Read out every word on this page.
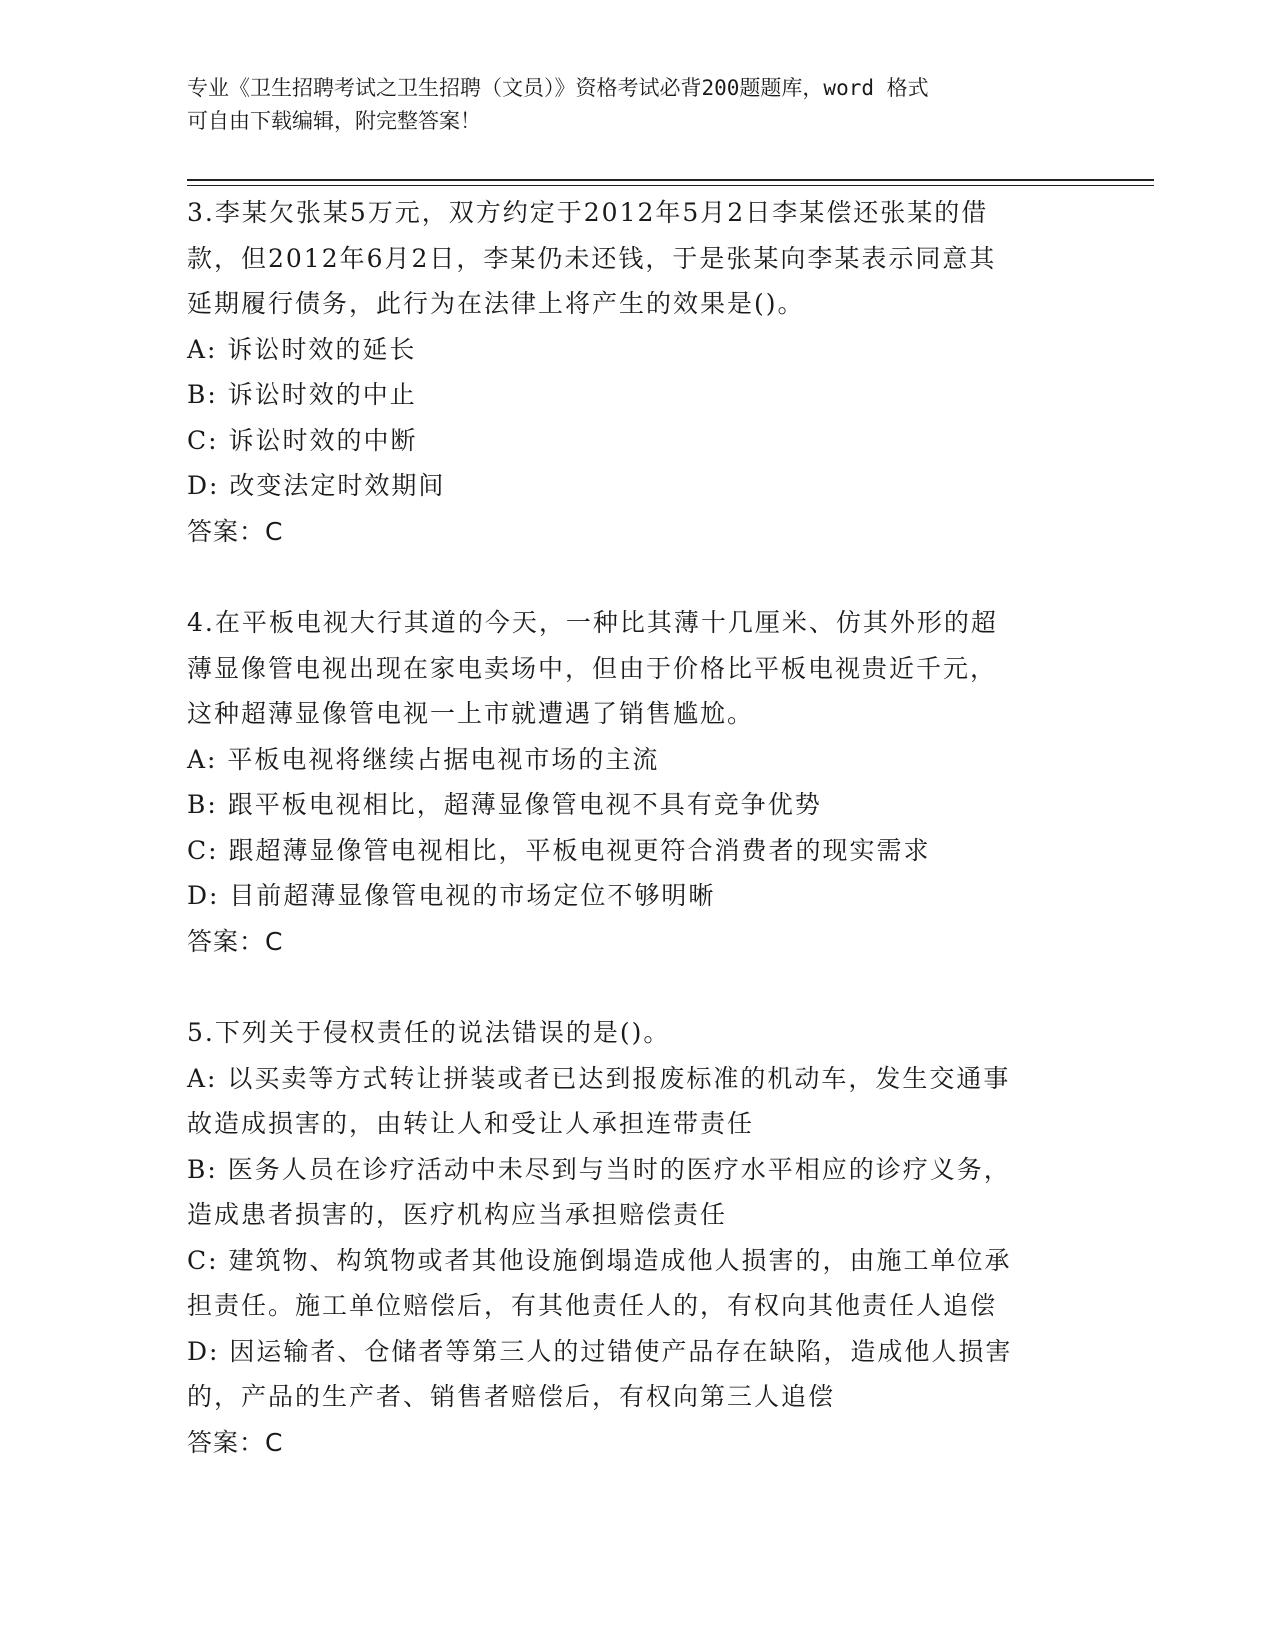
专业《卫生招聘考试之卫生招聘（文员）》资格考试必背200题题库，word 格式
可自由下载编辑，附完整答案！
3.李某欠张某5万元，双方约定于2012年5月2日李某偿还张某的借
款，但2012年6月2日，李某仍未还钱，于是张某向李某表示同意其
延期履行债务，此行为在法律上将产生的效果是()。
A: 诉讼时效的延长
B: 诉讼时效的中止
C: 诉讼时效的中断
D: 改变法定时效期间
答案：C
4.在平板电视大行其道的今天，一种比其薄十几厘米、仿其外形的超
薄显像管电视出现在家电卖场中，但由于价格比平板电视贵近千元，
这种超薄显像管电视一上市就遭遇了销售尴尬。
A: 平板电视将继续占据电视市场的主流
B: 跟平板电视相比，超薄显像管电视不具有竞争优势
C: 跟超薄显像管电视相比，平板电视更符合消费者的现实需求
D: 目前超薄显像管电视的市场定位不够明晰
答案：C
5.下列关于侵权责任的说法错误的是()。
A: 以买卖等方式转让拼装或者已达到报废标准的机动车，发生交通事
故造成损害的，由转让人和受让人承担连带责任
B: 医务人员在诊疗活动中未尽到与当时的医疗水平相应的诊疗义务，
造成患者损害的，医疗机构应当承担赔偿责任
C: 建筑物、构筑物或者其他设施倒塌造成他人损害的，由施工单位承
担责任。施工单位赔偿后，有其他责任人的，有权向其他责任人追偿
D: 因运输者、仓储者等第三人的过错使产品存在缺陷，造成他人损害
的，产品的生产者、销售者赔偿后，有权向第三人追偿
答案：C
